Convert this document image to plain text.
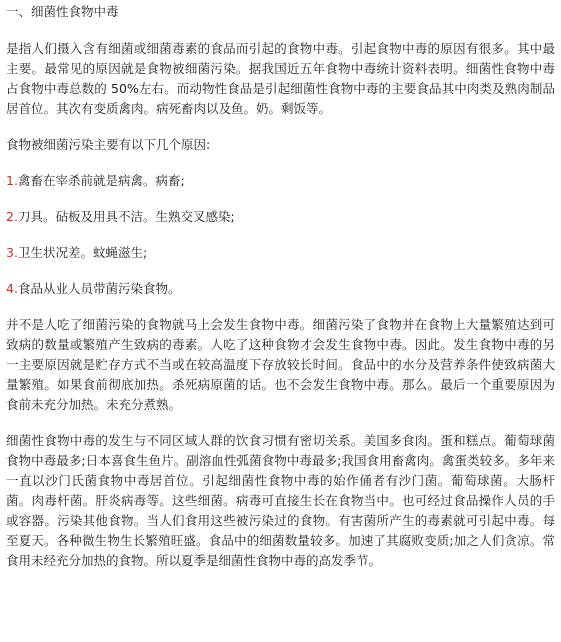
一、细菌性食物中毒
是指人们摄入含有细菌或细菌毒素的食品而引起的食物中毒。引起食物中毒的原因有很多。其中最主要。最常见的原因就是食物被细菌污染。据我国近五年食物中毒统计资料表明。细菌性食物中毒占食物中毒总数的 50%左右。而动物性食品是引起细菌性食物中毒的主要食品其中肉类及熟肉制品居首位。其次有变质禽肉。病死畜肉以及鱼。奶。剩饭等。
食物被细菌污染主要有以下几个原因:
1.禽畜在宰杀前就是病禽。病畜;
2.刀具。砧板及用具不洁。生熟交叉感染;
3.卫生状况差。蚊蝇滋生;
4.食品从业人员带菌污染食物。
并不是人吃了细菌污染的食物就马上会发生食物中毒。细菌污染了食物并在食物上大量繁殖达到可致病的数量或繁殖产生致病的毒素。人吃了这种食物才会发生食物中毒。因此。发生食物中毒的另一主要原因就是贮存方式不当或在较高温度下存放较长时间。食品中的水分及营养条件使致病菌大量繁殖。如果食前彻底加热。杀死病原菌的话。也不会发生食物中毒。那么。最后一个重要原因为食前未充分加热。未充分煮熟。
细菌性食物中毒的发生与不同区域人群的饮食习惯有密切关系。美国多食肉。蛋和糕点。葡萄球菌食物中毒最多;日本喜食生鱼片。副溶血性弧菌食物中毒最多;我国食用畜禽肉。禽蛋类较多。多年来一直以沙门氏菌食物中毒居首位。引起细菌性食物中毒的始作俑者有沙门菌。葡萄球菌。大肠杆菌。肉毒杆菌。肝炎病毒等。这些细菌。病毒可直接生长在食物当中。也可经过食品操作人员的手或容器。污染其他食物。当人们食用这些被污染过的食物。有害菌所产生的毒素就可引起中毒。每至夏天。各种微生物生长繁殖旺盛。食品中的细菌数量较多。加速了其腐败变质;加之人们贪凉。常食用未经充分加热的食物。所以夏季是细菌性食物中毒的高发季节。
